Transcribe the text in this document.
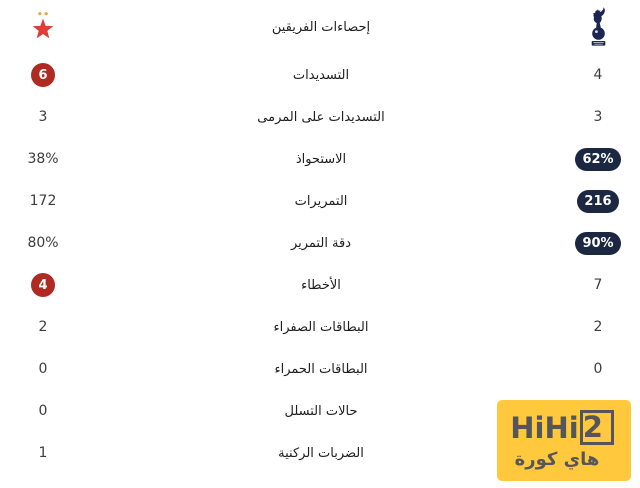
إحصاءات الفريقين
6	التسديدات	4
3	التسديدات على المرمى	3
38%	الاستحواذ	62%
172	التمريرات	216
80%	دقة التمرير	90%
4	الأخطاء	7
2	البطاقات الصفراء	2
0	البطاقات الحمراء	0
0	حالات التسلل
1	الضربات الركنية
HiHi 2
هاي كورة
